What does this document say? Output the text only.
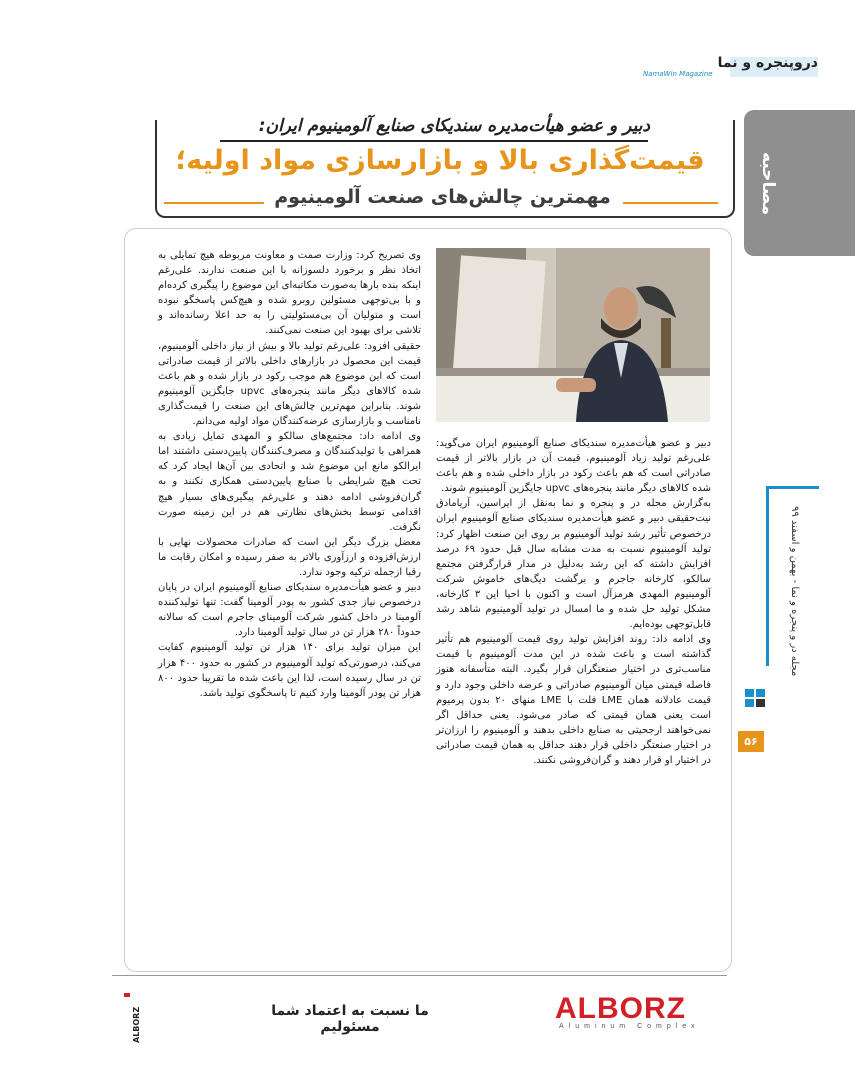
دروپنجره و نما
NamaWin Magazine
مصاحبه
دبیر و عضو هیأت‌مدیره سندیکای صنایع آلومینیوم ایران:
قیمت‌گذاری بالا و بازارسازی مواد اولیه؛
مهمترین چالش‌های صنعت آلومینیوم

دبیر و عضو هیأت‌مدیره سندیکای صنایع آلومینیوم ایران می‌گوید: علی‌رغم تولید زیاد آلومینیوم، قیمت آن در بازار بالاتر از قیمت صادراتی است که هم باعث رکود در بازار داخلی شده و هم باعث شده کالاهای دیگر مانند پنجره‌های upvc جایگزین آلومینیوم شوند.

به‌گزارش مجله در و پنجره و نما به‌نقل از ایراسین، آریامادق نیت‌حقیقی دبیر و عضو هیأت‌مدیره سندیکای صنایع آلومینیوم ایران درخصوص تأثیر رشد تولید آلومینیوم بر روی این صنعت اظهار کرد: تولید آلومینیوم نسبت به مدت مشابه سال قبل حدود ۶۹ درصد افزایش داشته که این رشد به‌دلیل در مدار قرارگرفتن مجتمع سالکو، کارخانه جاجرم و برگشت دیگ‌های خاموش شرکت آلومینیوم المهدی هرمزآل است و اکنون با احیا این ۳ کارخانه، مشکل تولید حل شده و ما امسال در تولید آلومینیوم شاهد رشد قابل‌توجهی بوده‌ایم.

وی ادامه داد: روند افزایش تولید روی قیمت آلومینیوم هم تأثیر گذاشته است و باعث شده در این مدت آلومینیوم با قیمت مناسب‌تری در اختیار صنعتگران قرار بگیرد. البته متأسفانه هنوز فاصله قیمتی میان آلومینیوم صادراتی و عرضه داخلی وجود دارد و قیمت عادلانه همان LME فلت با LME منهای ۲۰ بدون پرمیوم است یعنی همان قیمتی که صادر می‌شود. یعنی حداقل اگر نمی‌خواهند ارجحیتی به صنایع داخلی بدهند و آلومینیوم را ارزان‌تر در اختیار صنعتگر داخلی قرار دهند حداقل به همان قیمت صادراتی در اختیار او قرار دهند و گران‌فروشی نکنند.

وی تصریح کرد: وزارت صمت و معاونت مربوطه هیچ تمایلی به اتخاذ نظر و برخورد دلسوزانه با این صنعت ندارند. علی‌رغم اینکه بنده بارها به‌صورت مکاتبه‌ای این موضوع را پیگیری کرده‌ام و با بی‌توجهی مسئولین روبرو شده و هیچ‌کس پاسخگو نبوده است و متولیان آن بی‌مسئولیتی را به حد اعلا رسانده‌اند و تلاشی برای بهبود این صنعت نمی‌کنند.

حقیقی افزود: علی‌رغم تولید بالا و بیش از نیاز داخلی آلومینیوم، قیمت این محصول در بازارهای داخلی بالاتر از قیمت صادراتی است که این موضوع هم موجب رکود در بازار شده و هم باعث شده کالاهای دیگر مانند پنجره‌های upvc جایگزین آلومینیوم شوند. بنابراین مهم‌ترین چالش‌های این صنعت را قیمت‌گذاری نامناسب و بازارسازی عرضه‌کنندگان مواد اولیه می‌دانم.

وی ادامه داد: مجتمع‌های سالکو و المهدی تمایل زیادی به همراهی با تولیدکنندگان و مصرف‌کنندگان پایین‌دستی داشتند اما ایرالکو مانع این موضوع شد و اتحادی بین آن‌ها ایجاد کرد که تحت هیچ شرایطی با صنایع پایین‌دستی همکاری نکنند و به گران‌فروشی ادامه دهند و علی‌رغم پیگیری‌های بسیار هیچ اقدامی توسط بخش‌های نظارتی هم در این زمینه صورت نگرفت.

معضل بزرگ دیگر این است که صادرات محصولات نهایی با ارزش‌افزوده و ارزآوری بالاتر به صفر رسیده و امکان رقابت ما رقبا ازجمله ترکیه وجود ندارد.

دبیر و عضو هیأت‌مدیره سندیکای صنایع آلومینیوم ایران در پایان درخصوص نیاز جدی کشور به پودر آلومینا گفت: تنها تولیدکننده آلومینا در داخل کشور شرکت آلومینای جاجرم است که سالانه حدوداً ۲۸۰ هزار تن در سال تولید آلومینا دارد.

این میزان تولید برای ۱۴۰ هزار تن تولید آلومینیوم کفایت می‌کند، درصورتی‌که تولید آلومینیوم در کشور به حدود ۴۰۰ هزار تن در سال رسیده است، لذا این باعث شده ما تقریبا حدود ۸۰۰ هزار تن پودر آلومینا وارد کنیم تا پاسخگوی تولید باشد.

مجله در و پنجره و نما - بهمن و اسفند ۹۹
۵۶
ALBORZ	ما نسبت به اعتماد شما مسئولیم
ALBORZ
Aluminum Complex
